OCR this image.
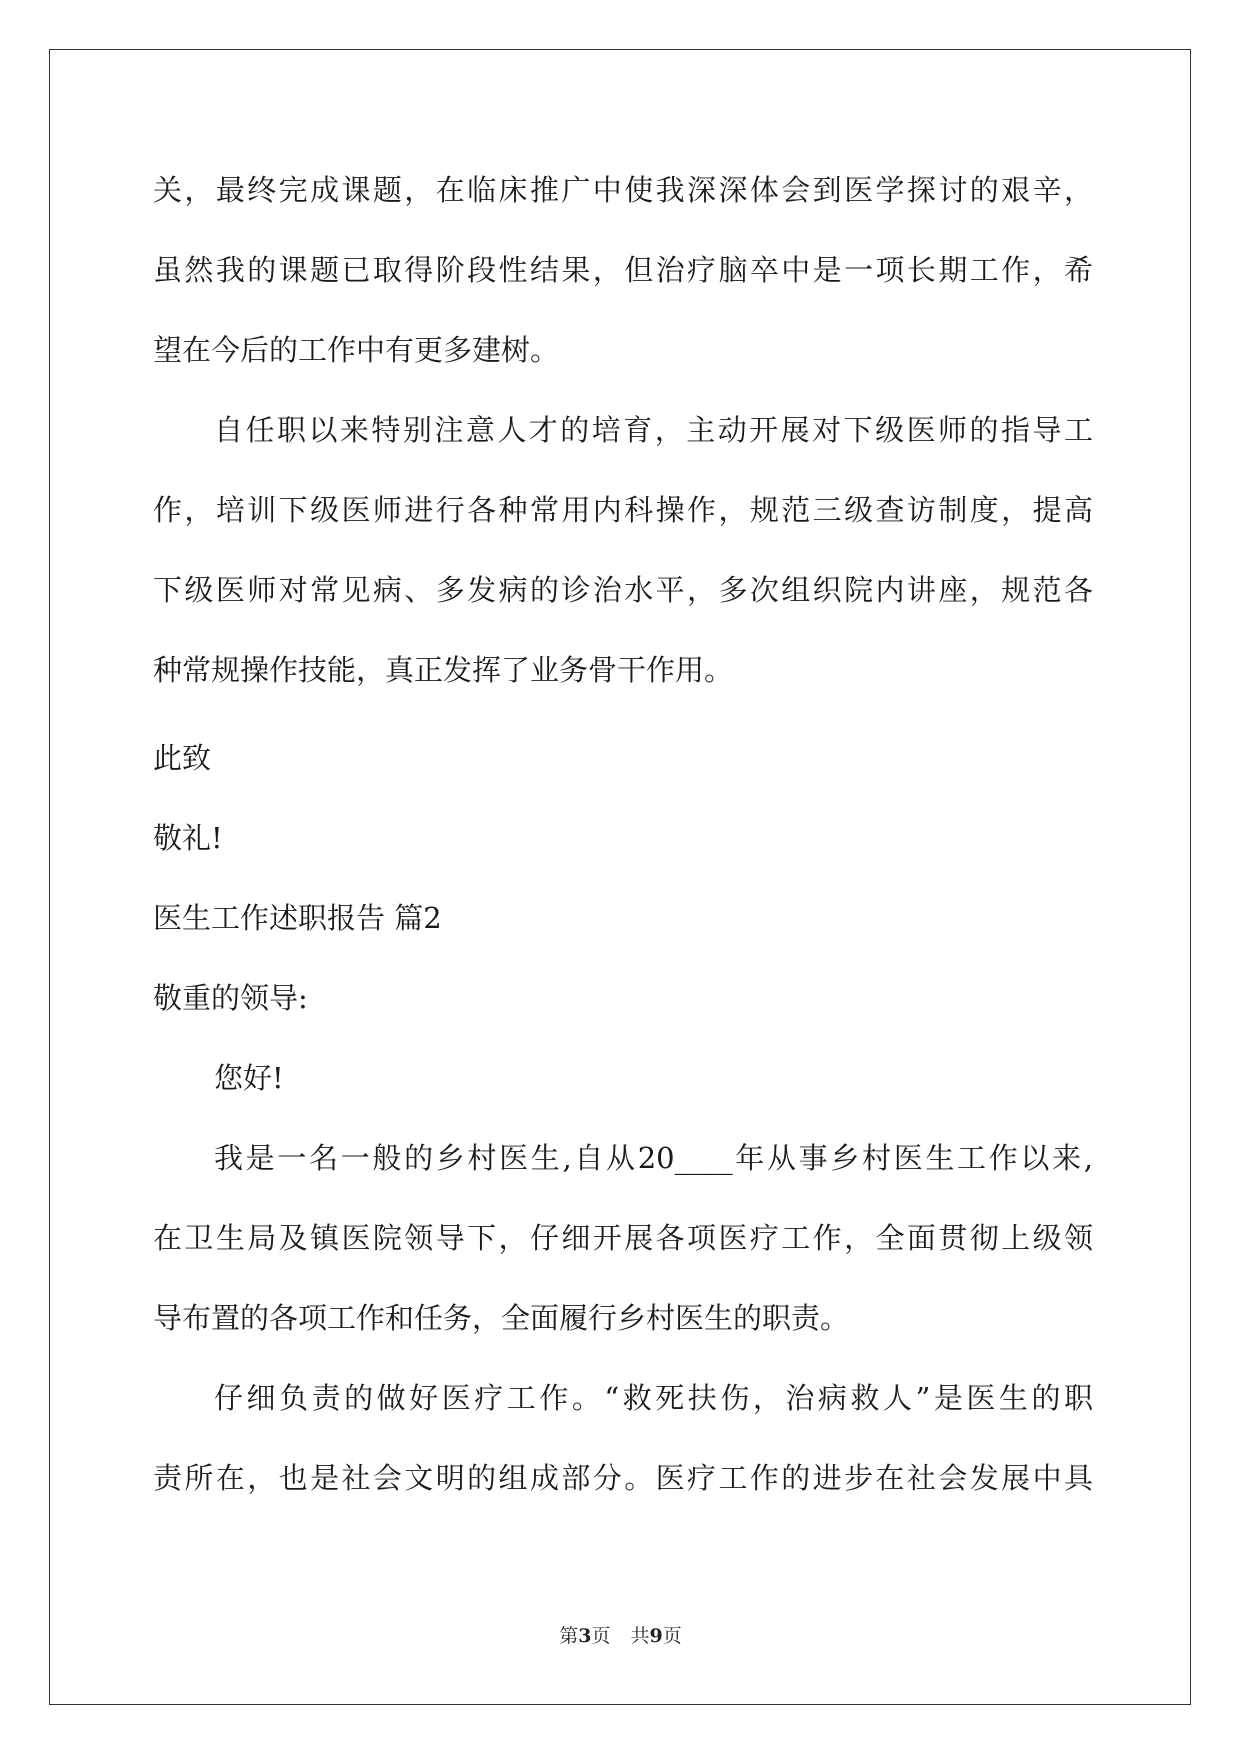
关，最终完成课题，在临床推广中使我深深体会到医学探讨的艰辛，
虽然我的课题已取得阶段性结果，但治疗脑卒中是一项长期工作，希
望在今后的工作中有更多建树。
自任职以来特别注意人才的培育，主动开展对下级医师的指导工
作，培训下级医师进行各种常用内科操作，规范三级查访制度，提高
下级医师对常见病、多发病的诊治水平，多次组织院内讲座，规范各
种常规操作技能，真正发挥了业务骨干作用。
此致
敬礼!
医生工作述职报告 篇2
敬重的领导:
您好!
我是一名一般的乡村医生,自从20____年从事乡村医生工作以来,
在卫生局及镇医院领导下，仔细开展各项医疗工作，全面贯彻上级领
导布置的各项工作和任务，全面履行乡村医生的职责。
仔细负责的做好医疗工作。“救死扶伤，治病救人”是医生的职
责所在，也是社会文明的组成部分。医疗工作的进步在社会发展中具
第3页 共9页
